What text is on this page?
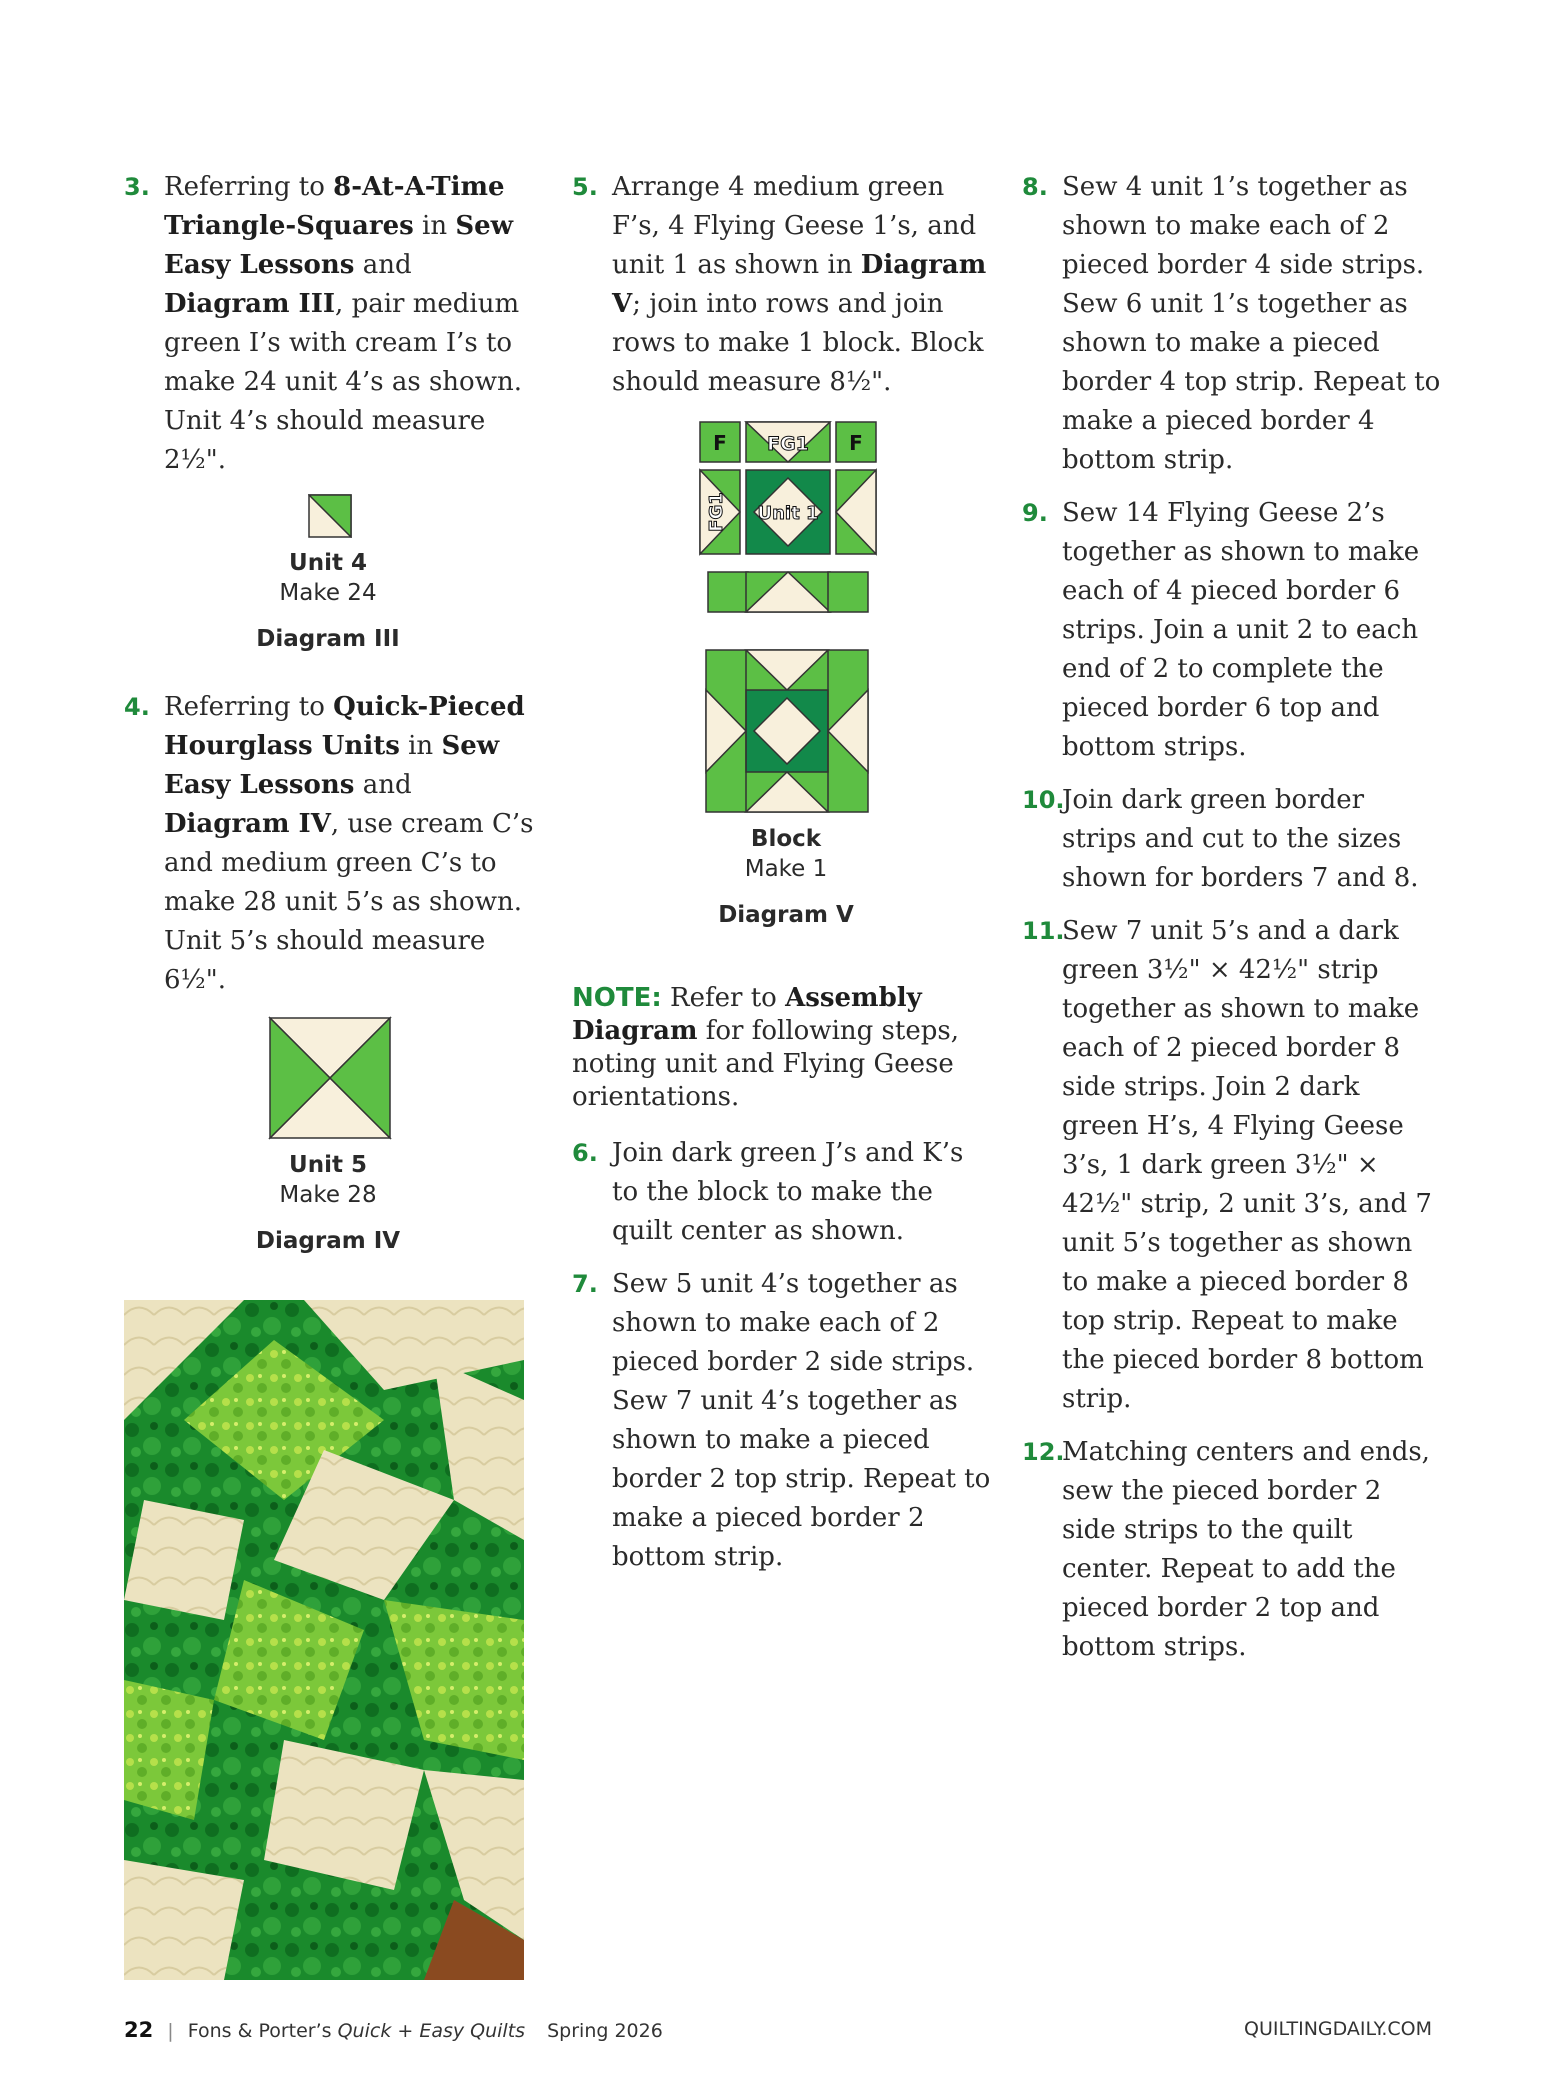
3. Referring to 8-At-A-Time Triangle-Squares in Sew Easy Lessons and Diagram III, pair medium green I’s with cream I’s to make 24 unit 4’s as shown. Unit 4’s should measure 2½".
Unit 4
Make 24
Diagram III
4. Referring to Quick-Pieced Hourglass Units in Sew Easy Lessons and Diagram IV, use cream C’s and medium green C’s to make 28 unit 5’s as shown. Unit 5’s should measure 6½".
Unit 5
Make 28
Diagram IV
5. Arrange 4 medium green F’s, 4 Flying Geese 1’s, and unit 1 as shown in Diagram V; join into rows and join rows to make 1 block. Block should measure 8½".
F FG1 F
FG1 Unit 1
Block
Make 1
Diagram V
NOTE: Refer to Assembly Diagram for following steps, noting unit and Flying Geese orientations.
6. Join dark green J’s and K’s to the block to make the quilt center as shown.
7. Sew 5 unit 4’s together as shown to make each of 2 pieced border 2 side strips. Sew 7 unit 4’s together as shown to make a pieced border 2 top strip. Repeat to make a pieced border 2 bottom strip.
8. Sew 4 unit 1’s together as shown to make each of 2 pieced border 4 side strips. Sew 6 unit 1’s together as shown to make a pieced border 4 top strip. Repeat to make a pieced border 4 bottom strip.
9. Sew 14 Flying Geese 2’s together as shown to make each of 4 pieced border 6 strips. Join a unit 2 to each end of 2 to complete the pieced border 6 top and bottom strips.
10.
Join dark green border strips and cut to the sizes shown for borders 7 and 8.
11.
Sew 7 unit 5’s and a dark green 3½" × 42½" strip together as shown to make each of 2 pieced border 8 side strips. Join 2 dark green H’s, 4 Flying Geese 3’s, 1 dark green 3½" × 42½" strip, 2 unit 3’s, and 7 unit 5’s together as shown to make a pieced border 8 top strip. Repeat to make the pieced border 8 bottom strip.
12.
Matching centers and ends, sew the pieced border 2 side strips to the quilt center. Repeat to add the pieced border 2 top and bottom strips.
22 | Fons & Porter’s Quick + Easy Quilts Spring 2026	QUILTINGDAILY.COM
